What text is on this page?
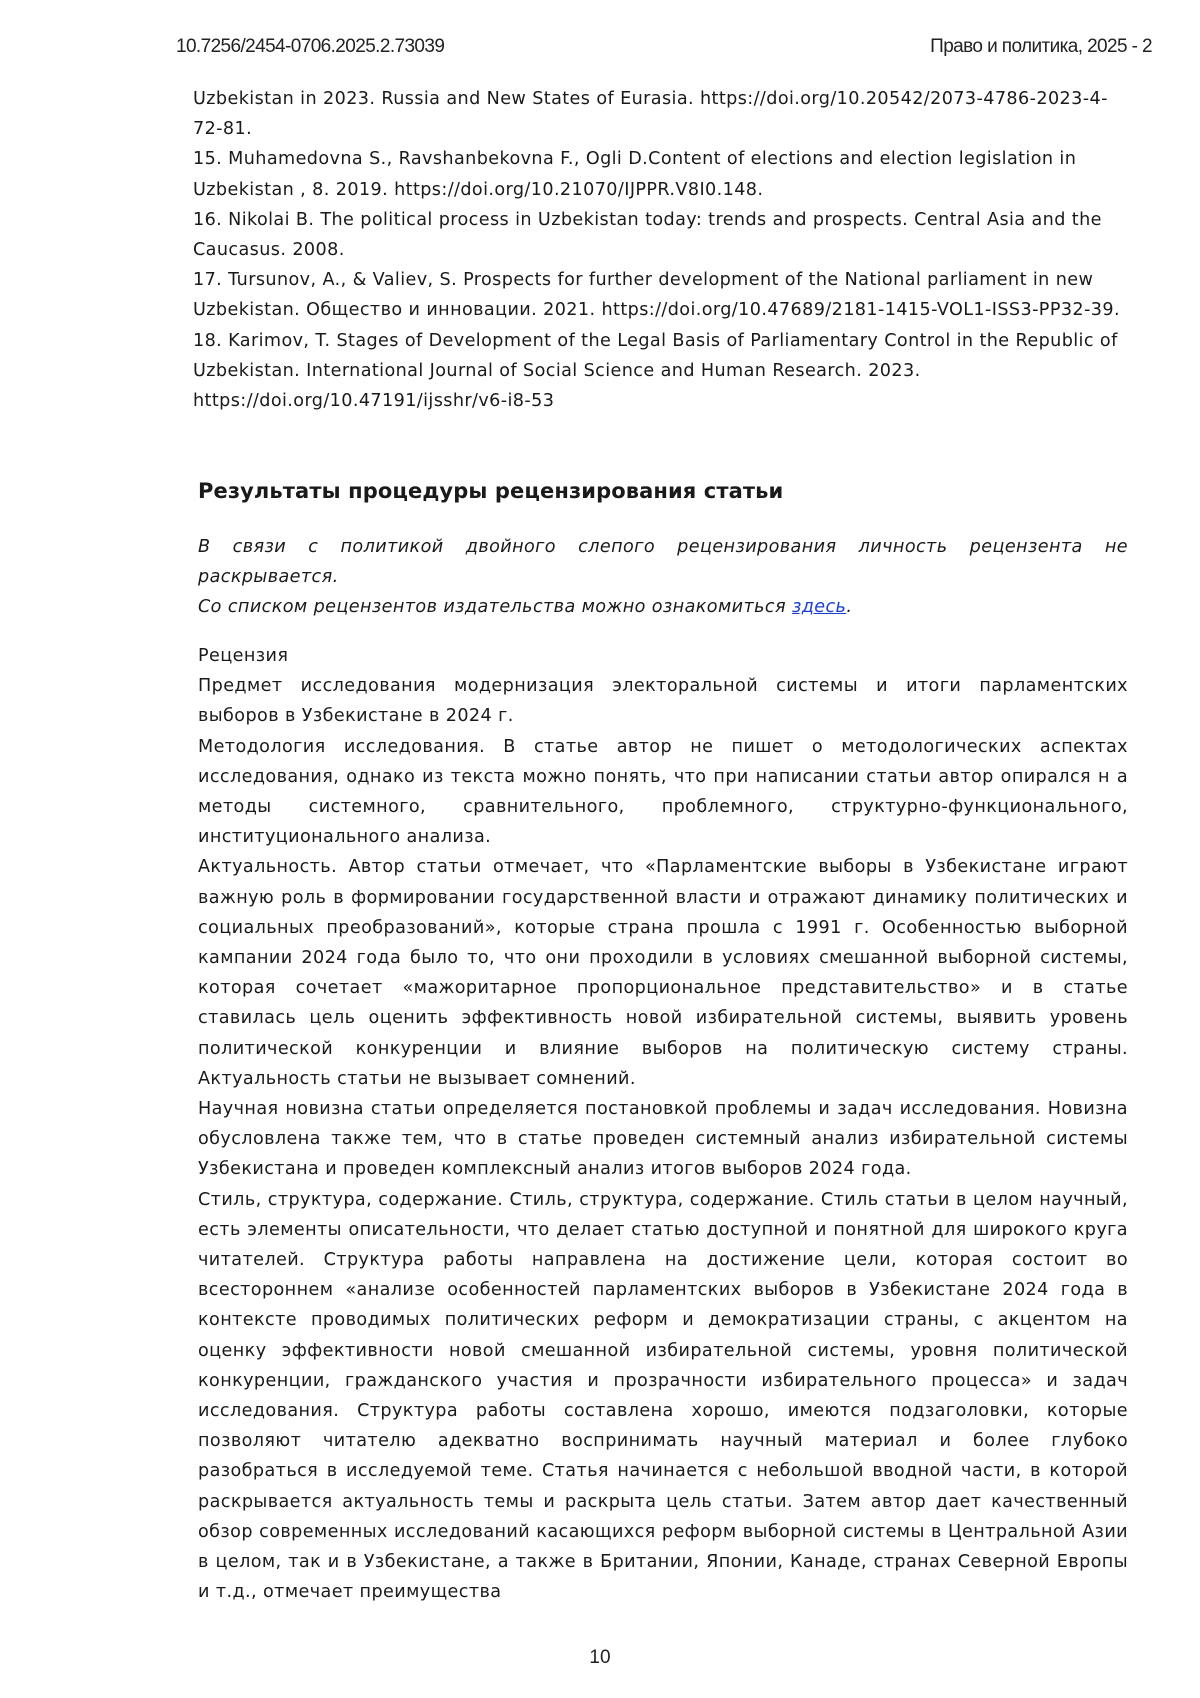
10.7256/2454-0706.2025.2.73039	Право и политика, 2025 - 2

Uzbekistan in 2023. Russia and New States of Eurasia. https://doi.org/10.20542/2073-4786-2023-4-72-81.

15. Muhamedovna S., Ravshanbekovna F., Ogli D.Content of elections and election legislation in Uzbekistan , 8. 2019. https://doi.org/10.21070/IJPPR.V8I0.148.

16. Nikolai B. The political process in Uzbekistan today: trends and prospects. Central Asia and the Caucasus. 2008.

17. Tursunov, A., & Valiev, S. Prospects for further development of the National parliament in new Uzbekistan. Общество и инновации. 2021. https://doi.org/10.47689/2181-1415-VOL1-ISS3-PP32-39.

18. Karimov, T. Stages of Development of the Legal Basis of Parliamentary Control in the Republic of Uzbekistan. International Journal of Social Science and Human Research. 2023. https://doi.org/10.47191/ijsshr/v6-i8-53

Результаты процедуры рецензирования статьи

В связи с политикой двойного слепого рецензирования личность рецензента не раскрывается.

Со списком рецензентов издательства можно ознакомиться здесь.

Рецензия

Предмет исследования модернизация электоральной системы и итоги парламентских выборов в Узбекистане в 2024 г.

Методология исследования. В статье автор не пишет о методологических аспектах исследования, однако из текста можно понять, что при написании статьи автор опирался н а методы системного, сравнительного, проблемного, структурно-функционального, институционального анализа.

Актуальность. Автор статьи отмечает, что «Парламентские выборы в Узбекистане играют важную роль в формировании государственной власти и отражают динамику политических и социальных преобразований», которые страна прошла с 1991 г. Особенностью выборной кампании 2024 года было то, что они проходили в условиях смешанной выборной системы, которая сочетает «мажоритарное пропорциональное представительство» и в статье ставилась цель оценить эффективность новой избирательной системы, выявить уровень политической конкуренции и влияние выборов на политическую систему страны. Актуальность статьи не вызывает сомнений.

Научная новизна статьи определяется постановкой проблемы и задач исследования. Новизна обусловлена также тем, что в статье проведен системный анализ избирательной системы Узбекистана и проведен комплексный анализ итогов выборов 2024 года.

Стиль, структура, содержание. Стиль, структура, содержание. Стиль статьи в целом научный, есть элементы описательности, что делает статью доступной и понятной для широкого круга читателей. Структура работы направлена на достижение цели, которая состоит во всестороннем «анализе особенностей парламентских выборов в Узбекистане 2024 года в контексте проводимых политических реформ и демократизации страны, с акцентом на оценку эффективности новой смешанной избирательной системы, уровня политической конкуренции, гражданского участия и прозрачности избирательного процесса» и задач исследования. Структура работы составлена хорошо, имеются подзаголовки, которые позволяют читателю адекватно воспринимать научный материал и более глубоко разобраться в исследуемой теме. Статья начинается с небольшой вводной части, в которой раскрывается актуальность темы и раскрыта цель статьи. Затем автор дает качественный обзор современных исследований касающихся реформ выборной системы в Центральной Азии в целом, так и в Узбекистане, а также в Британии, Японии, Канаде, странах Северной Европы и т.д., отмечает преимущества

10
